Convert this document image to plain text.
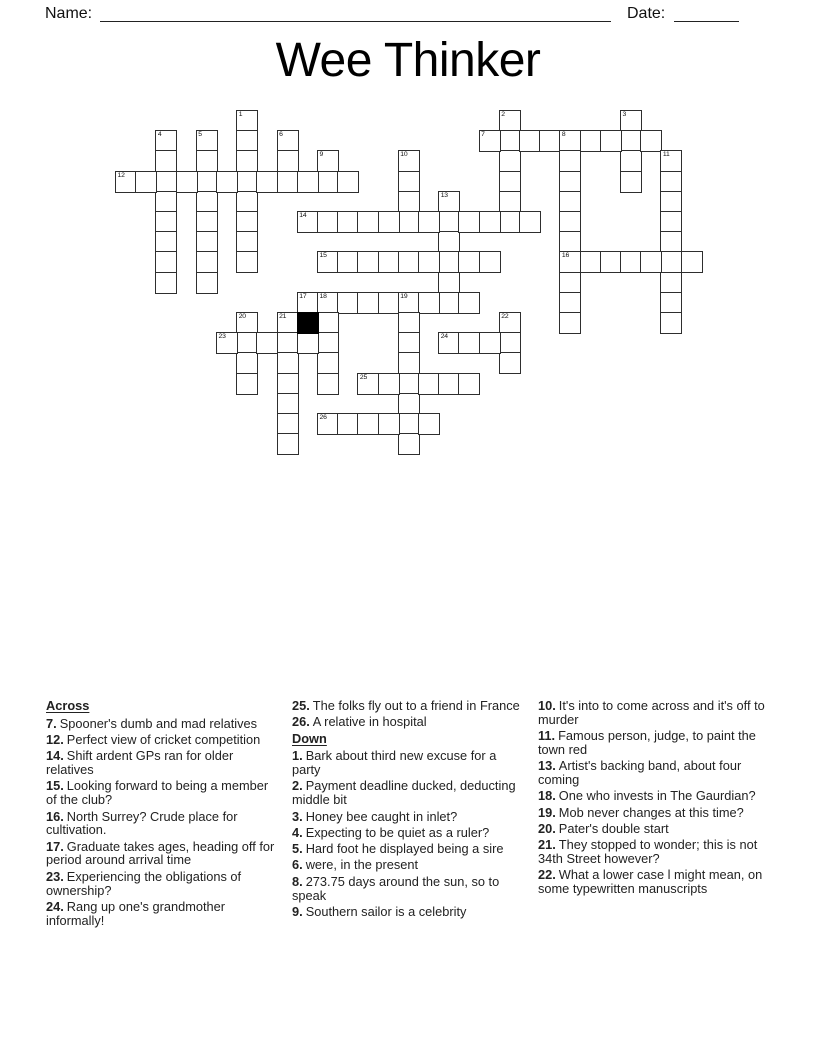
Name:	Date:
Wee Thinker
1	2	3
4	5	6	7	8
16
9	10	11
12
13
14
15
17 18	19
20	21	22
23	24
25
26

Across

7. Spooner's dumb and mad relatives

12. Perfect view of cricket competition

14. Shift ardent GPs ran for older relatives

15. Looking forward to being a member of the club?

16. North Surrey? Crude place for cultivation.

17. Graduate takes ages, heading off for period around arrival time

23. Experiencing the obligations of ownership?

24. Rang up one's grandmother informally!

25. The folks fly out to a friend in France

26. A relative in hospital

Down

1. Bark about third new excuse for a party

2. Payment deadline ducked, deducting middle bit

3. Honey bee caught in inlet?

4. Expecting to be quiet as a ruler?

5. Hard foot he displayed being a sire

6. were, in the present

8. 273.75 days around the sun, so to speak

9. Southern sailor is a celebrity

10. It's into to come across and it's off to murder

11. Famous person, judge, to paint the town red

13. Artist's backing band, about four coming

18. One who invests in The Gaurdian?

19. Mob never changes at this time?

20. Pater's double start

21. They stopped to wonder; this is not 34th Street however?

22. What a lower case l might mean, on some typewritten manuscripts
